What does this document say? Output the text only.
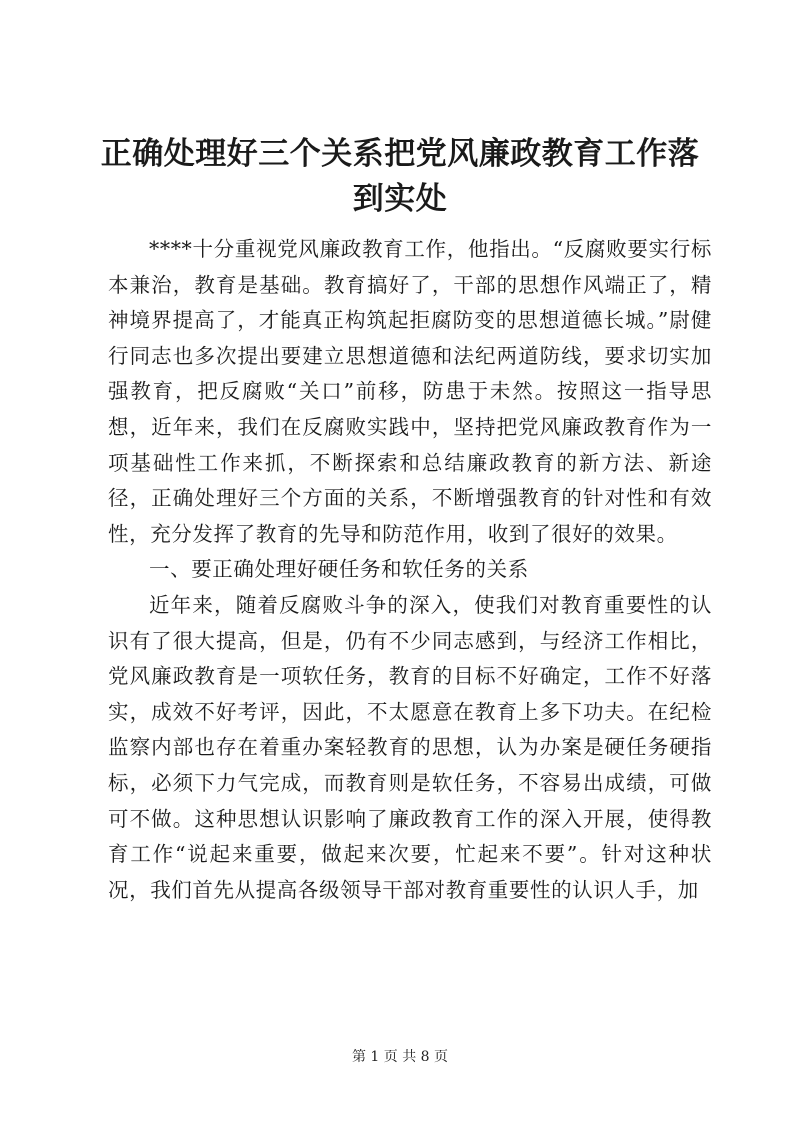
正确处理好三个关系把党风廉政教育工作落到实处

****十分重视党风廉政教育工作，他指出。“反腐败要实行标本兼治，教育是基础。教育搞好了，干部的思想作风端正了，精神境界提高了，才能真正构筑起拒腐防变的思想道德长城。”尉健行同志也多次提出要建立思想道德和法纪两道防线，要求切实加强教育，把反腐败“关口”前移，防患于未然。按照这一指导思想，近年来，我们在反腐败实践中，坚持把党风廉政教育作为一项基础性工作来抓，不断探索和总结廉政教育的新方法、新途径，正确处理好三个方面的关系，不断增强教育的针对性和有效性，充分发挥了教育的先导和防范作用，收到了很好的效果。

一、要正确处理好硬任务和软任务的关系

近年来，随着反腐败斗争的深入，使我们对教育重要性的认识有了很大提高，但是，仍有不少同志感到，与经济工作相比，党风廉政教育是一项软任务，教育的目标不好确定，工作不好落实，成效不好考评，因此，不太愿意在教育上多下功夫。在纪检监察内部也存在着重办案轻教育的思想，认为办案是硬任务硬指标，必须下力气完成，而教育则是软任务，不容易出成绩，可做可不做。这种思想认识影响了廉政教育工作的深入开展，使得教育工作“说起来重要，做起来次要，忙起来不要”。针对这种状况，我们首先从提高各级领导干部对教育重要性的认识人手，加

第 1 页 共 8 页
